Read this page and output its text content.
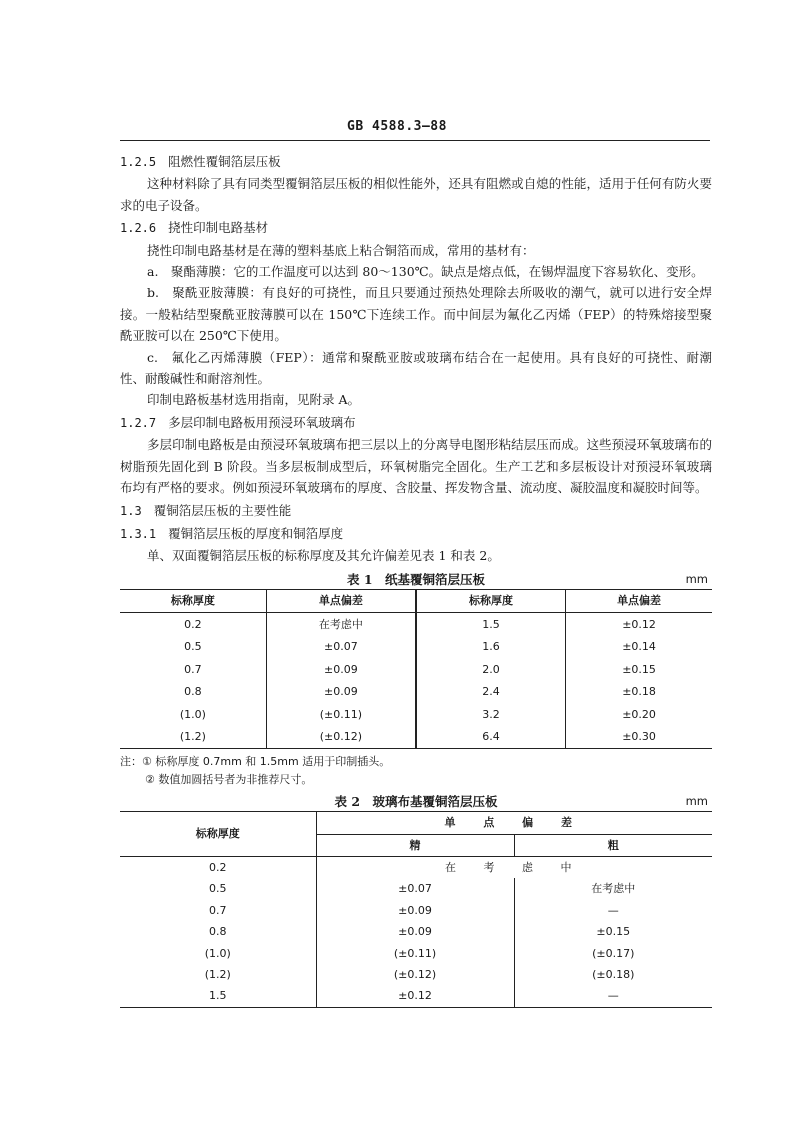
GB 4588.3—88

1.2.5 阻燃性覆铜箔层压板

这种材料除了具有同类型覆铜箔层压板的相似性能外，还具有阻燃或自熄的性能，适用于任何有防火要求的电子设备。

1.2.6 挠性印制电路基材

挠性印制电路基材是在薄的塑料基底上粘合铜箔而成，常用的基材有：

a.　聚酯薄膜：它的工作温度可以达到 80～130℃。缺点是熔点低，在锡焊温度下容易软化、变形。

b.　聚酰亚胺薄膜：有良好的可挠性，而且只要通过预热处理除去所吸收的潮气，就可以进行安全焊接。一般粘结型聚酰亚胺薄膜可以在 150℃下连续工作。而中间层为氟化乙丙烯（FEP）的特殊熔接型聚酰亚胺可以在 250℃下使用。

c.　氟化乙丙烯薄膜（FEP）：通常和聚酰亚胺或玻璃布结合在一起使用。具有良好的可挠性、耐潮性、耐酸碱性和耐溶剂性。

印制电路板基材选用指南，见附录 A。

1.2.7 多层印制电路板用预浸环氧玻璃布

多层印制电路板是由预浸环氧玻璃布把三层以上的分离导电图形粘结层压而成。这些预浸环氧玻璃布的树脂预先固化到 B 阶段。当多层板制成型后，环氧树脂完全固化。生产工艺和多层板设计对预浸环氧玻璃布均有严格的要求。例如预浸环氧玻璃布的厚度、含胶量、挥发物含量、流动度、凝胶温度和凝胶时间等。

1.3 覆铜箔层压板的主要性能

1.3.1 覆铜箔层压板的厚度和铜箔厚度

单、双面覆铜箔层压板的标称厚度及其允许偏差见表 1 和表 2。

表 1　纸基覆铜箔层压板	mm
标称厚度	单点偏差	标称厚度	单点偏差
0.2	在考虑中	1.5	±0.12
0.5	±0.07	1.6	±0.14
0.7	±0.09	2.0	±0.15
0.8	±0.09	2.4	±0.18
(1.0)	(±0.11)	3.2	±0.20
(1.2)	(±0.12)	6.4	±0.30

注：① 标称厚度 0.7mm 和 1.5mm 适用于印制插头。

② 数值加圆括号者为非推荐尺寸。

表 2　玻璃布基覆铜箔层压板	mm
标称厚度	单 点 偏 差	
	精	粗
0.2	在 考 虑 中	
0.5	±0.07	在考虑中
0.7	±0.09	—
0.8	±0.09	±0.15
(1.0)	(±0.11)	(±0.17)
(1.2)	(±0.12)	(±0.18)
1.5	±0.12	—
